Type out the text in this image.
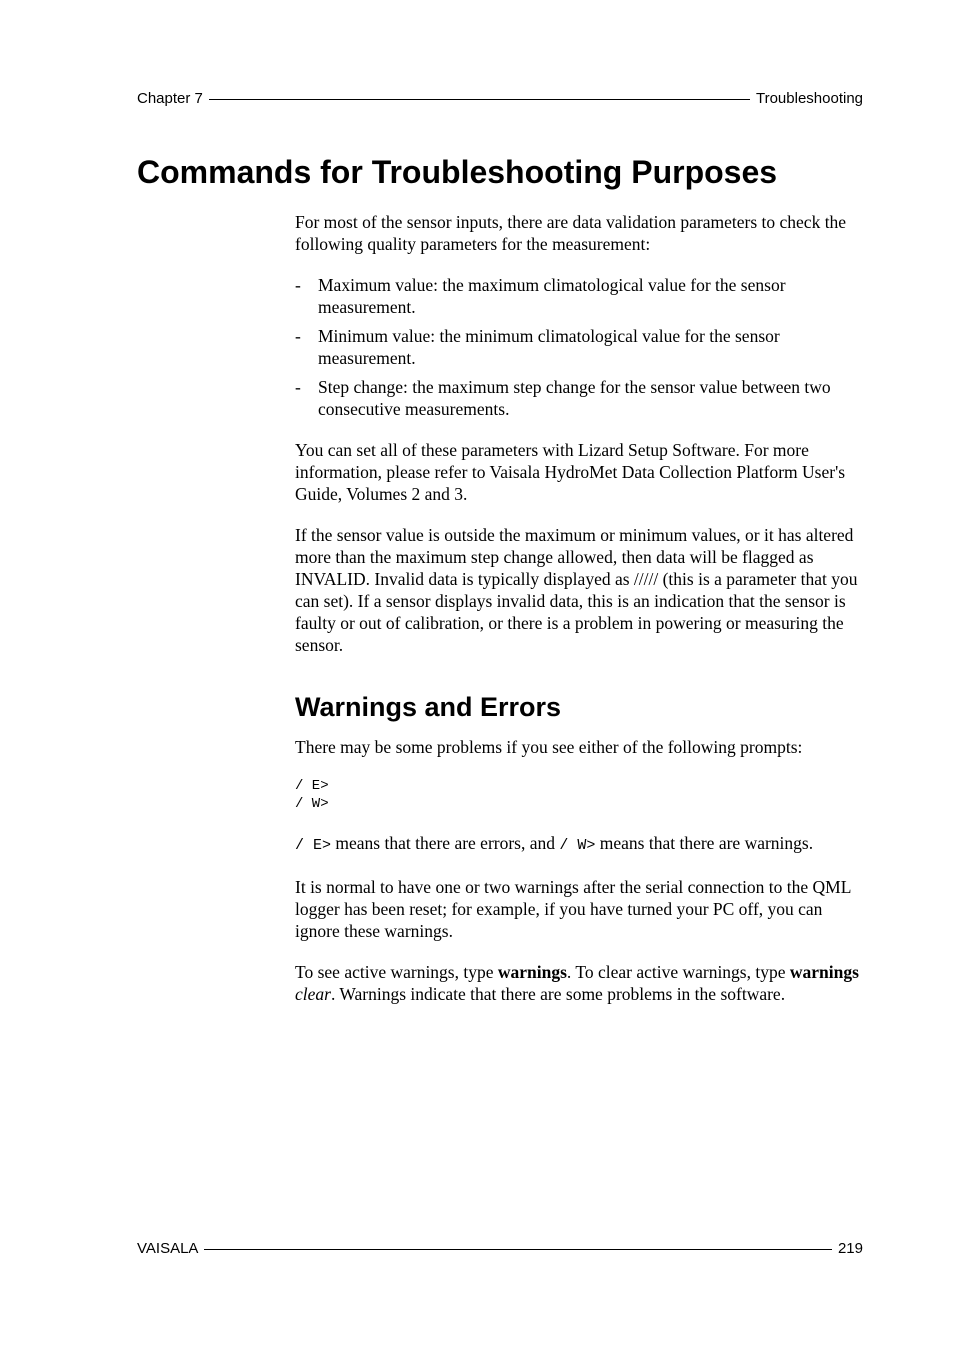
Chapter 7	Troubleshooting
Commands for Troubleshooting Purposes

For most of the sensor inputs, there are data validation parameters to check the following quality parameters for the measurement:

- Maximum value: the maximum climatological value for the sensor measurement.
- Minimum value: the minimum climatological value for the sensor measurement.
- Step change: the maximum step change for the sensor value between two consecutive measurements.

You can set all of these parameters with Lizard Setup Software. For more information, please refer to Vaisala HydroMet Data Collection Platform User's Guide, Volumes 2 and 3.

If the sensor value is outside the maximum or minimum values, or it has altered more than the maximum step change allowed, then data will be flagged as INVALID. Invalid data is typically displayed as ///// (this is a parameter that you can set). If a sensor displays invalid data, this is an indication that the sensor is faulty or out of calibration, or there is a problem in powering or measuring the sensor.

Warnings and Errors

There may be some problems if you see either of the following prompts:

/ E>
/ W>

/ E> means that there are errors, and / W> means that there are warnings.

It is normal to have one or two warnings after the serial connection to the QML logger has been reset; for example, if you have turned your PC off, you can ignore these warnings.

To see active warnings, type warnings. To clear active warnings, type warnings clear. Warnings indicate that there are some problems in the software.

VAISALA	219
